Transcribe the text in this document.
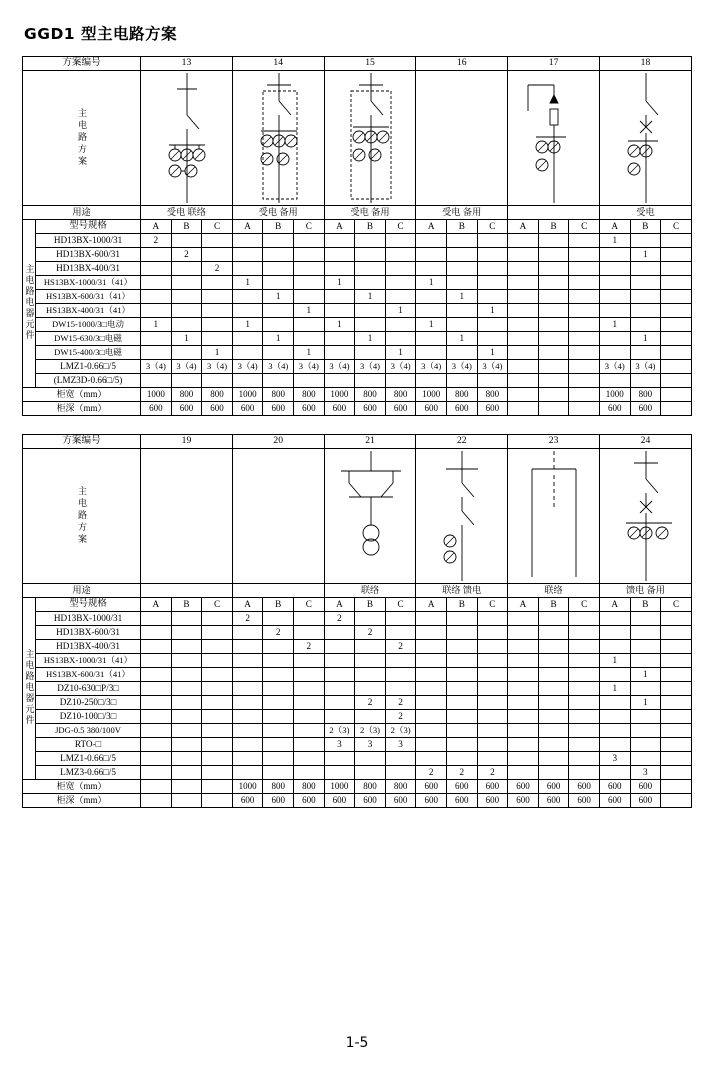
GGD1 型主电路方案
方案编号		13			14			15			16			17			18		

主电路方案

用途		受电 联络			受电 备用			受电 备用			受电 备用						受电		
主电路电器元件	型号规格	A	B	C	A	B	C	A	B	C	A	B	C	A	B	C	A	B	C
	HD13BX-1000/31	2															1		
	HD13BX-600/31		2															1	
	HD13BX-400/31			2															
	HS13BX-1000/31（41）				1			1			1								
	HS13BX-600/31（41）					1			1			1							
	HS13BX-400/31（41）						1			1			1						
	DW15-1000/3□电动	1			1			1			1						1		
	DW15-630/3□电磁		1			1			1			1						1	
	DW15-400/3□电磁			1			1			1			1						
	LMZ1-0.66□/5	3（4)	3（4)	3（4)	3（4)	3（4)	3（4)	3（4)	3（4)	3（4)	3（4)	3（4)	3（4)				3（4)	3（4)	
	(LMZ3D-0.66□/5)																		
柜宽（mm）		1000	800	800	1000	800	800	1000	800	800	1000	800	800				1000	800	
柜深（mm）		600	600	600	600	600	600	600	600	600	600	600	600				600	600	
方案编号		19			20			21			22			23			24		

主电路方案

用途								联络			联络 馈电			联络			馈电 备用		
主电路电器元件	型号规格	A	B	C	A	B	C	A	B	C	A	B	C	A	B	C	A	B	C
	HD13BX-1000/31				2			2											
	HD13BX-600/31					2			2										
	HD13BX-400/31						2			2									
	HS13BX-1000/31（41）																1		
	HS13BX-600/31（41）																	1	
	DZ10-630□P/3□																1		
	DZ10-250□/3□								2	2								1	
	DZ10-100□/3□									2									
	JDG-0.5 380/100V							2（3)	2（3)	2（3)									
	RTO-□							3	3	3									
	LMZ1-0.66□/5																3		
	LMZ3-0.66□/5										2	2	2					3	
柜宽（mm）					1000	800	800	1000	800	800	600	600	600	600	600	600	600	600	
柜深（mm）					600	600	600	600	600	600	600	600	600	600	600	600	600	600	
1-5
